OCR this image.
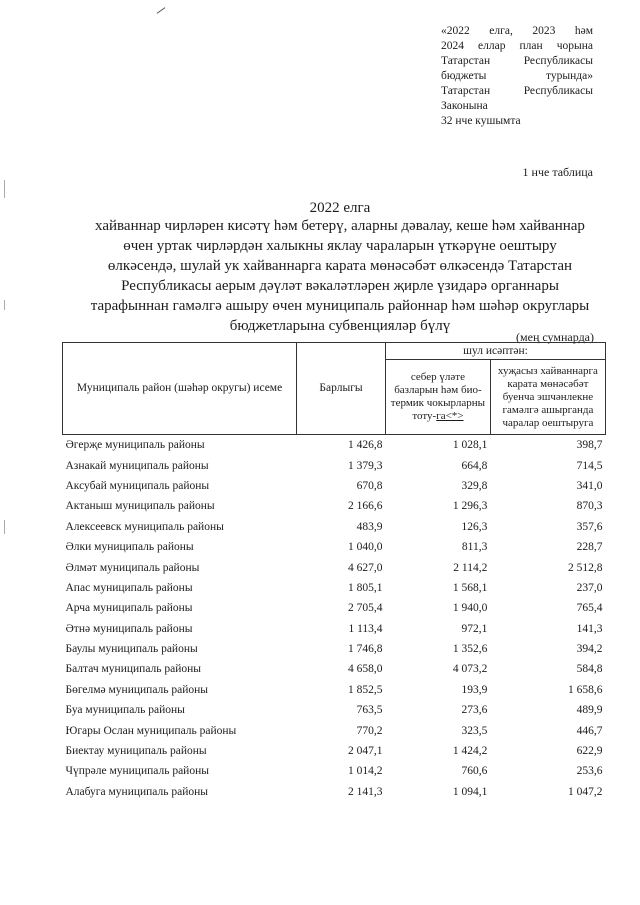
«2022 елга, 2023 һәм
2024 еллар план чорына
Татарстан Республикасы
бюджеты турында»
Татарстан Республикасы
Законына
32 нче кушымта
1 нче таблица
2022 елга
хайваннар чирләрен кисәтү һәм бетерү, аларны дәвалау, кеше һәм хайваннар
өчен уртак чирләрдән халыкны яклау чараларын үткәрүне оештыру
өлкәсендә, шулай ук хайваннарга карата мөнәсәбәт өлкәсендә Татарстан
Республикасы аерым дәүләт вәкаләтләрен җирле үзидарә органнары
тарафыннан гамәлгә ашыру өчен муниципаль районнар һәм шәһәр округлары
бюджетларына субвенцияләр бүлү
(мең сумнарда)
Муниципаль район (шәһәр округы) исеме	Барлыгы	шул исәптән:	
		себер үләте базларын һәм био-термик чокырларны тоту-га<*>	хуҗасыз хайваннарга карата мөнәсәбәт буенча эшчәнлекне гамәлгә ашырганда чаралар оештыруга
Әгерҗе муниципаль районы	1 426,8	1 028,1	398,7
Азнакай муниципаль районы	1 379,3	664,8	714,5
Аксубай муниципаль районы	670,8	329,8	341,0
Актаныш муниципаль районы	2 166,6	1 296,3	870,3
Алексеевск муниципаль районы	483,9	126,3	357,6
Әлки муниципаль районы	1 040,0	811,3	228,7
Әлмәт муниципаль районы	4 627,0	2 114,2	2 512,8
Апас муниципаль районы	1 805,1	1 568,1	237,0
Арча муниципаль районы	2 705,4	1 940,0	765,4
Әтнә муниципаль районы	1 113,4	972,1	141,3
Баулы муниципаль районы	1 746,8	1 352,6	394,2
Балтач муниципаль районы	4 658,0	4 073,2	584,8
Бөгелмә муниципаль районы	1 852,5	193,9	1 658,6
Буа муниципаль районы	763,5	273,6	489,9
Югары Ослан муниципаль районы	770,2	323,5	446,7
Биектау муниципаль районы	2 047,1	1 424,2	622,9
Чүпрәле муниципаль районы	1 014,2	760,6	253,6
Алабуга муниципаль районы	2 141,3	1 094,1	1 047,2
